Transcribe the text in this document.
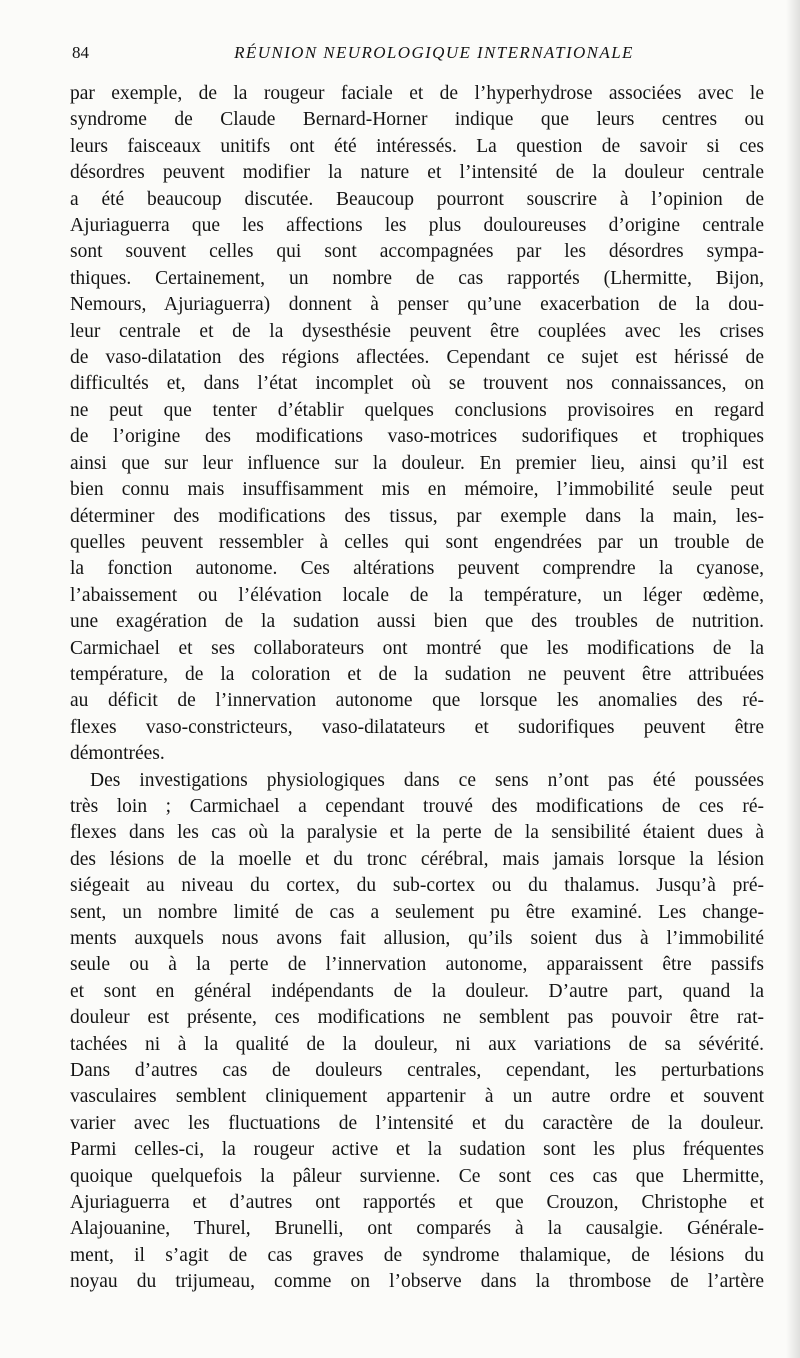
84	RÉUNION NEUROLOGIQUE INTERNATIONALE
par exemple, de la rougeur faciale et de l’hyperhydrose associées avec le
syndrome de Claude Bernard-Horner indique que leurs centres ou
leurs faisceaux unitifs ont été intéressés. La question de savoir si ces
désordres peuvent modifier la nature et l’intensité de la douleur centrale
a été beaucoup discutée. Beaucoup pourront souscrire à l’opinion de
Ajuriaguerra que les affections les plus douloureuses d’origine centrale
sont souvent celles qui sont accompagnées par les désordres sympa-
thiques. Certainement, un nombre de cas rapportés (Lhermitte, Bijon,
Nemours, Ajuriaguerra) donnent à penser qu’une exacerbation de la dou-
leur centrale et de la dysesthésie peuvent être couplées avec les crises
de vaso-dilatation des régions aflectées. Cependant ce sujet est hérissé de
difficultés et, dans l’état incomplet où se trouvent nos connaissances, on
ne peut que tenter d’établir quelques conclusions provisoires en regard
de l’origine des modifications vaso-motrices sudorifiques et trophiques
ainsi que sur leur influence sur la douleur. En premier lieu, ainsi qu’il est
bien connu mais insuffisamment mis en mémoire, l’immobilité seule peut
déterminer des modifications des tissus, par exemple dans la main, les-
quelles peuvent ressembler à celles qui sont engendrées par un trouble de
la fonction autonome. Ces altérations peuvent comprendre la cyanose,
l’abaissement ou l’élévation locale de la température, un léger œdème,
une exagération de la sudation aussi bien que des troubles de nutrition.
Carmichael et ses collaborateurs ont montré que les modifications de la
température, de la coloration et de la sudation ne peuvent être attribuées
au déficit de l’innervation autonome que lorsque les anomalies des ré-
flexes vaso-constricteurs, vaso-dilatateurs et sudorifiques peuvent être
démontrées.
Des investigations physiologiques dans ce sens n’ont pas été poussées
très loin ; Carmichael a cependant trouvé des modifications de ces ré-
flexes dans les cas où la paralysie et la perte de la sensibilité étaient dues à
des lésions de la moelle et du tronc cérébral, mais jamais lorsque la lésion
siégeait au niveau du cortex, du sub-cortex ou du thalamus. Jusqu’à pré-
sent, un nombre limité de cas a seulement pu être examiné. Les change-
ments auxquels nous avons fait allusion, qu’ils soient dus à l’immobilité
seule ou à la perte de l’innervation autonome, apparaissent être passifs
et sont en général indépendants de la douleur. D’autre part, quand la
douleur est présente, ces modifications ne semblent pas pouvoir être rat-
tachées ni à la qualité de la douleur, ni aux variations de sa sévérité.
Dans d’autres cas de douleurs centrales, cependant, les perturbations
vasculaires semblent cliniquement appartenir à un autre ordre et souvent
varier avec les fluctuations de l’intensité et du caractère de la douleur.
Parmi celles-ci, la rougeur active et la sudation sont les plus fréquentes
quoique quelquefois la pâleur survienne. Ce sont ces cas que Lhermitte,
Ajuriaguerra et d’autres ont rapportés et que Crouzon, Christophe et
Alajouanine, Thurel, Brunelli, ont comparés à la causalgie. Générale-
ment, il s’agit de cas graves de syndrome thalamique, de lésions du
noyau du trijumeau, comme on l’observe dans la thrombose de l’artère
